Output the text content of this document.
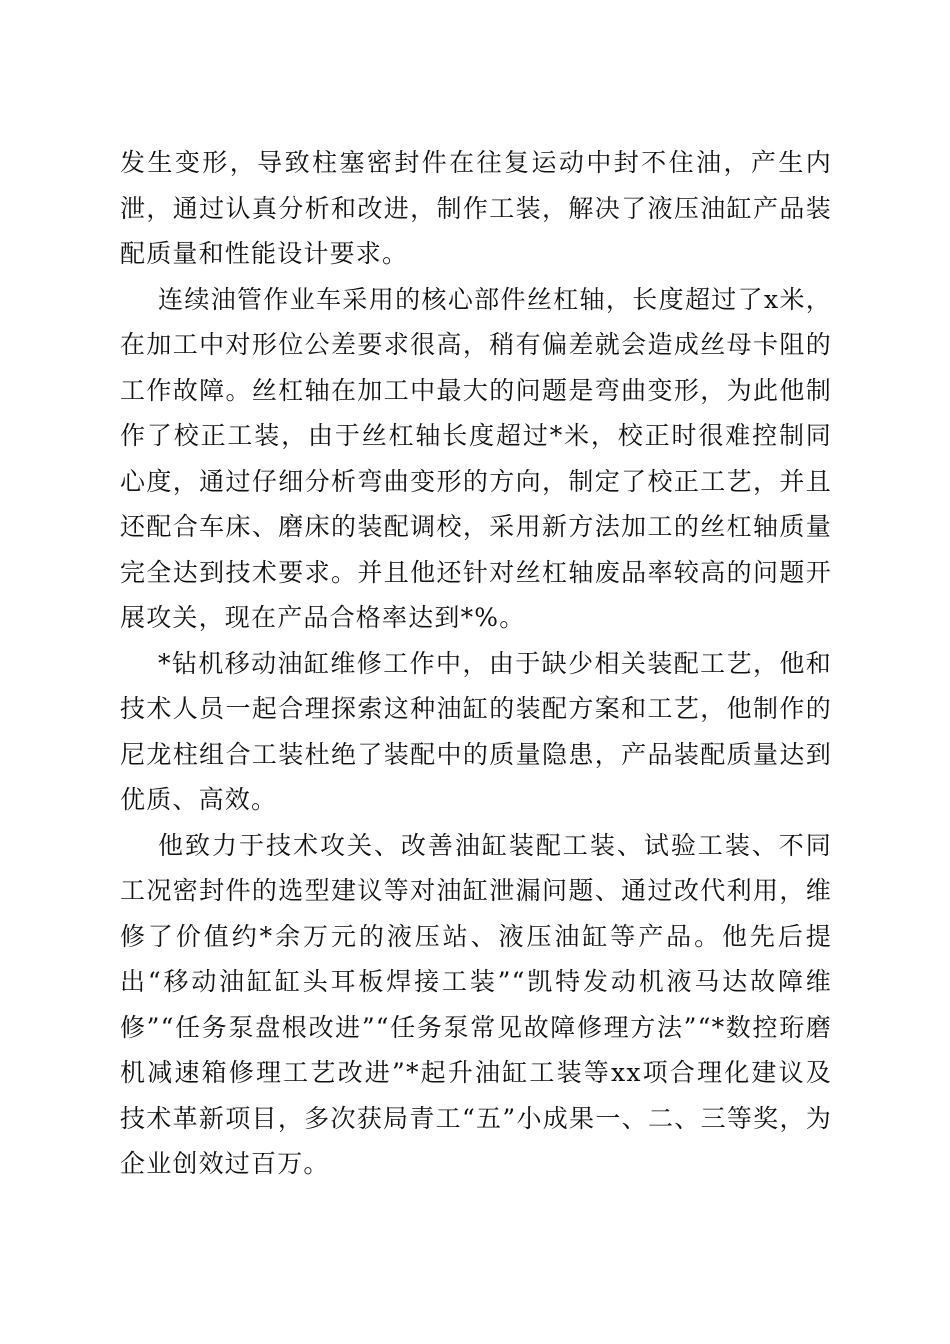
发生变形，导致柱塞密封件在往复运动中封不住油，产生内泄，通过认真分析和改进，制作工装，解决了液压油缸产品装配质量和性能设计要求。

连续油管作业车采用的核心部件丝杠轴，长度超过了x米，在加工中对形位公差要求很高，稍有偏差就会造成丝母卡阻的工作故障。丝杠轴在加工中最大的问题是弯曲变形，为此他制作了校正工装，由于丝杠轴长度超过*米，校正时很难控制同心度，通过仔细分析弯曲变形的方向，制定了校正工艺，并且还配合车床、磨床的装配调校，采用新方法加工的丝杠轴质量完全达到技术要求。并且他还针对丝杠轴废品率较高的问题开展攻关，现在产品合格率达到*%。

*钻机移动油缸维修工作中，由于缺少相关装配工艺，他和技术人员一起合理探索这种油缸的装配方案和工艺，他制作的尼龙柱组合工装杜绝了装配中的质量隐患，产品装配质量达到优质、高效。

他致力于技术攻关、改善油缸装配工装、试验工装、不同工况密封件的选型建议等对油缸泄漏问题、通过改代利用，维修了价值约*余万元的液压站、液压油缸等产品。他先后提出“移动油缸缸头耳板焊接工装”“凯特发动机液马达故障维修”“任务泵盘根改进”“任务泵常见故障修理方法”“*数控珩磨机减速箱修理工艺改进”*起升油缸工装等xx项合理化建议及技术革新项目，多次获局青工“五”小成果一、二、三等奖，为企业创效过百万。
